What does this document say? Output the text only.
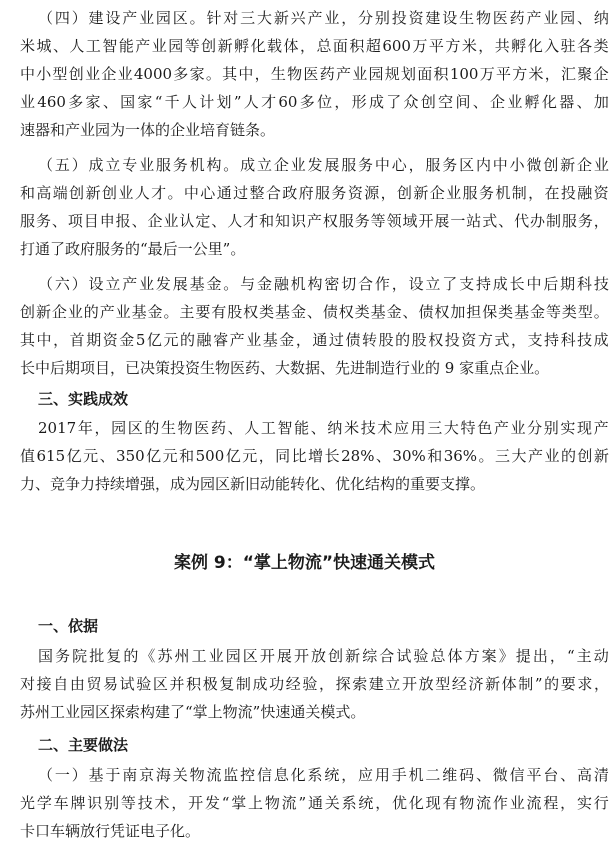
（ 四 ） 建 设 产 业 园 区 。 针 对 三 大 新 兴 产 业 ， 分 别 投 资 建 设 生 物 医 药 产 业 园 、 纳
米 城 、 人 工 智 能 产 业 园 等 创 新 孵 化 载 体 ， 总 面 积 超 600 万 平 方 米 ， 共 孵 化 入 驻 各 类
中 小 型 创 业 企 业 4000 多 家 。 其 中 ， 生 物 医 药 产 业 园 规 划 面 积 100 万 平 方 米 ， 汇 聚 企
业 460 多 家 、 国 家 “ 千 人 计 划 ” 人 才 60 多 位 ， 形 成 了 众 创 空 间 、 企 业 孵 化 器 、 加
速器和产业园为一体的企业培育链条。
（ 五 ） 成 立 专 业 服 务 机 构 。 成 立 企 业 发 展 服 务 中 心 ， 服 务 区 内 中 小 微 创 新 企 业
和 高 端 创 新 创 业 人 才 。 中 心 通 过 整 合 政 府 服 务 资 源 ， 创 新 企 业 服 务 机 制 ， 在 投 融 资
服 务 、 项 目 申 报 、 企 业 认 定 、 人 才 和 知 识 产 权 服 务 等 领 域 开 展 一 站 式 、 代 办 制 服 务 ，
打通了政府服务的“最后一公里”。
（ 六 ） 设 立 产 业 发 展 基 金 。 与 金 融 机 构 密 切 合 作 ， 设 立 了 支 持 成 长 中 后 期 科 技
创 新 企 业 的 产 业 基 金 。 主 要 有 股 权 类 基 金 、 债 权 类 基 金 、 债 权 加 担 保 类 基 金 等 类 型 。
其 中 ， 首 期 资 金 5 亿 元 的 融 睿 产 业 基 金 ， 通 过 债 转 股 的 股 权 投 资 方 式 ， 支 持 科 技 成
长中后期项目，已决策投资生物医药、大数据、先进制造行业的 9 家重点企业。
三、实践成效
2017 年 ， 园 区 的 生 物 医 药 、 人 工 智 能 、 纳 米 技 术 应 用 三 大 特 色 产 业 分 别 实 现 产
值 615 亿 元 、 350 亿 元 和 500 亿 元 ， 同 比 增 长 28% 、 30% 和 36% 。 三 大 产 业 的 创 新
力、竞争力持续增强，成为园区新旧动能转化、优化结构的重要支撑。
案例 9：“掌上物流”快速通关模式
一、依据
国 务 院 批 复 的 《 苏 州 工 业 园 区 开 展 开 放 创 新 综 合 试 验 总 体 方 案 》 提 出 ， “ 主 动
对 接 自 由 贸 易 试 验 区 并 积 极 复 制 成 功 经 验 ， 探 索 建 立 开 放 型 经 济 新 体 制 ” 的 要 求 ，
苏州工业园区探索构建了“掌上物流”快速通关模式。
二、主要做法
（ 一 ） 基 于 南 京 海 关 物 流 监 控 信 息 化 系 统 ， 应 用 手 机 二 维 码 、 微 信 平 台 、 高 清
光 学 车 牌 识 别 等 技 术 ， 开 发 “ 掌 上 物 流 ” 通 关 系 统 ， 优 化 现 有 物 流 作 业 流 程 ， 实 行
卡口车辆放行凭证电子化。
